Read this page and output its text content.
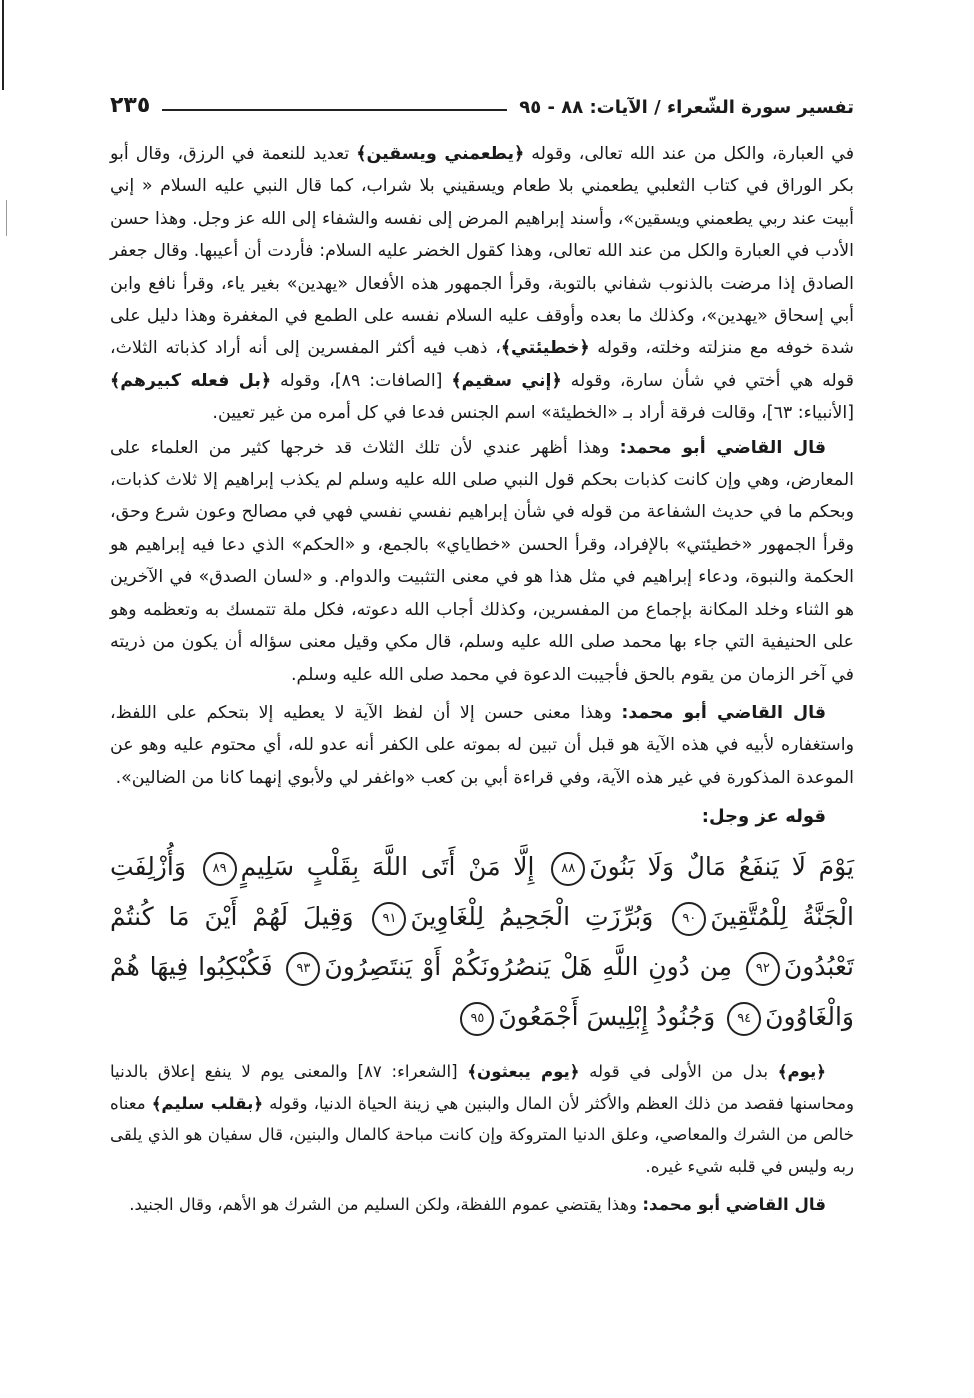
تفسير سورة الشّعراء / الآيات: ٨٨ - ٩٥
٢٣٥

في العبارة، والكل من عند الله تعالى، وقوله ﴿يطعمني ويسقين﴾ تعديد للنعمة في الرزق، وقال أبو بكر الوراق في كتاب الثعلبي يطعمني بلا طعام ويسقيني بلا شراب، كما قال النبي عليه السلام « إني أبيت عند ربي يطعمني ويسقين»، وأسند إبراهيم المرض إلى نفسه والشفاء إلى الله عز وجل. وهذا حسن الأدب في العبارة والكل من عند الله تعالى، وهذا كقول الخضر عليه السلام: فأردت أن أعيبها. وقال جعفر الصادق إذا مرضت بالذنوب شفاني بالتوبة، وقرأ الجمهور هذه الأفعال «يهدين» بغير ياء، وقرأ نافع وابن أبي إسحاق «يهدين»، وكذلك ما بعده وأوقف عليه السلام نفسه على الطمع في المغفرة وهذا دليل على شدة خوفه مع منزلته وخلته، وقوله ﴿خطيئتي﴾، ذهب فيه أكثر المفسرين إلى أنه أراد كذباته الثلاث، قوله هي أختي في شأن سارة، وقوله ﴿إني سقيم﴾ [الصافات: ٨٩]، وقوله ﴿بل فعله كبيرهم﴾ [الأنبياء: ٦٣]، وقالت فرقة أراد بـ «الخطيئة» اسم الجنس فدعا في كل أمره من غير تعيين.

قال القاضي أبو محمد: وهذا أظهر عندي لأن تلك الثلاث قد خرجها كثير من العلماء على المعارض، وهي وإن كانت كذبات بحكم قول النبي صلى الله عليه وسلم لم يكذب إبراهيم إلا ثلاث كذبات، وبحكم ما في حديث الشفاعة من قوله في شأن إبراهيم نفسي نفسي فهي في مصالح وعون شرع وحق، وقرأ الجمهور «خطيئتي» بالإفراد، وقرأ الحسن «خطاياي» بالجمع، و «الحكم» الذي دعا فيه إبراهيم هو الحكمة والنبوة، ودعاء إبراهيم في مثل هذا هو في معنى التثبيت والدوام. و «لسان الصدق» في الآخرين هو الثناء وخلد المكانة بإجماع من المفسرين، وكذلك أجاب الله دعوته، فكل ملة تتمسك به وتعظمه وهو على الحنيفية التي جاء بها محمد صلى الله عليه وسلم، قال مكي وقيل معنى سؤاله أن يكون من ذريته في آخر الزمان من يقوم بالحق فأجيبت الدعوة في محمد صلى الله عليه وسلم.

قال القاضي أبو محمد: وهذا معنى حسن إلا أن لفظ الآية لا يعطيه إلا بتحكم على اللفظ، واستغفاره لأبيه في هذه الآية هو قبل أن تبين له بموته على الكفر أنه عدو لله، أي محتوم عليه وهو عن الموعدة المذكورة في غير هذه الآية، وفي قراءة أبي بن كعب «واغفر لي ولأبوي إنهما كانا من الضالين».

قوله عز وجل:
يَوْمَ لَا يَنفَعُ مَالٌ وَلَا بَنُونَ٨٨ إِلَّا مَنْ أَتَى اللَّهَ بِقَلْبٍ سَلِيمٍ٨٩ وَأُزْلِفَتِ الْجَنَّةُ لِلْمُتَّقِينَ٩٠ وَبُرِّزَتِ الْجَحِيمُ لِلْغَاوِينَ٩١ وَقِيلَ لَهُمْ أَيْنَ مَا كُنتُمْ تَعْبُدُونَ٩٢ مِن دُونِ اللَّهِ هَلْ يَنصُرُونَكُمْ أَوْ يَنتَصِرُونَ٩٣ فَكُبْكِبُوا فِيهَا هُمْ وَالْغَاوُونَ٩٤ وَجُنُودُ إِبْلِيسَ أَجْمَعُونَ٩٥

﴿يوم﴾ بدل من الأولى في قوله ﴿يوم يبعثون﴾ [الشعراء: ٨٧] والمعنى يوم لا ينفع إعلاق بالدنيا ومحاسنها فقصد من ذلك العظم والأكثر لأن المال والبنين هي زينة الحياة الدنيا، وقوله ﴿بقلب سليم﴾ معناه خالص من الشرك والمعاصي، وعلق الدنيا المتروكة وإن كانت مباحة كالمال والبنين، قال سفيان هو الذي يلقى ربه وليس في قلبه شيء غيره.

قال القاضي أبو محمد: وهذا يقتضي عموم اللفظة، ولكن السليم من الشرك هو الأهم، وقال الجنيد.
